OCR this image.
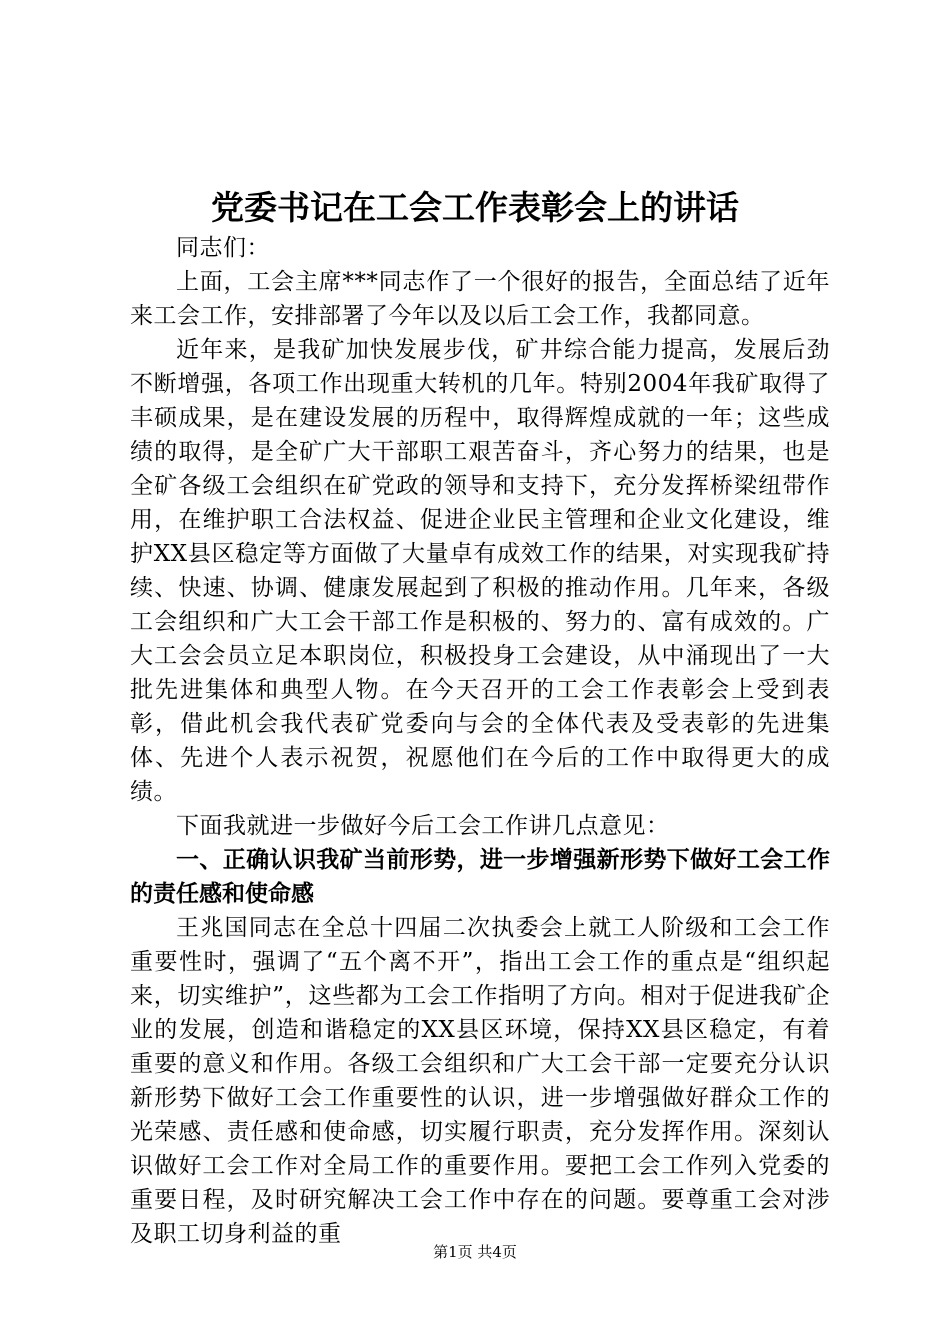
党委书记在工会工作表彰会上的讲话

同志们：

上面，工会主席***同志作了一个很好的报告，全面总结了近年来工会工作，安排部署了今年以及以后工会工作，我都同意。

近年来，是我矿加快发展步伐，矿井综合能力提高，发展后劲不断增强，各项工作出现重大转机的几年。特别2004年我矿取得了丰硕成果，是在建设发展的历程中，取得辉煌成就的一年；这些成绩的取得，是全矿广大干部职工艰苦奋斗，齐心努力的结果，也是全矿各级工会组织在矿党政的领导和支持下，充分发挥桥梁纽带作用，在维护职工合法权益、促进企业民主管理和企业文化建设，维护XX县区稳定等方面做了大量卓有成效工作的结果，对实现我矿持续、快速、协调、健康发展起到了积极的推动作用。几年来，各级工会组织和广大工会干部工作是积极的、努力的、富有成效的。广大工会会员立足本职岗位，积极投身工会建设，从中涌现出了一大批先进集体和典型人物。在今天召开的工会工作表彰会上受到表彰，借此机会我代表矿党委向与会的全体代表及受表彰的先进集体、先进个人表示祝贺，祝愿他们在今后的工作中取得更大的成绩。

下面我就进一步做好今后工会工作讲几点意见：

一、正确认识我矿当前形势，进一步增强新形势下做好工会工作的责任感和使命感

王兆国同志在全总十四届二次执委会上就工人阶级和工会工作重要性时，强调了“五个离不开”，指出工会工作的重点是“组织起来，切实维护”，这些都为工会工作指明了方向。相对于促进我矿企业的发展，创造和谐稳定的XX县区环境，保持XX县区稳定，有着重要的意义和作用。各级工会组织和广大工会干部一定要充分认识新形势下做好工会工作重要性的认识，进一步增强做好群众工作的光荣感、责任感和使命感，切实履行职责，充分发挥作用。深刻认识做好工会工作对全局工作的重要作用。要把工会工作列入党委的重要日程，及时研究解决工会工作中存在的问题。要尊重工会对涉及职工切身利益的重

第1页 共4页
